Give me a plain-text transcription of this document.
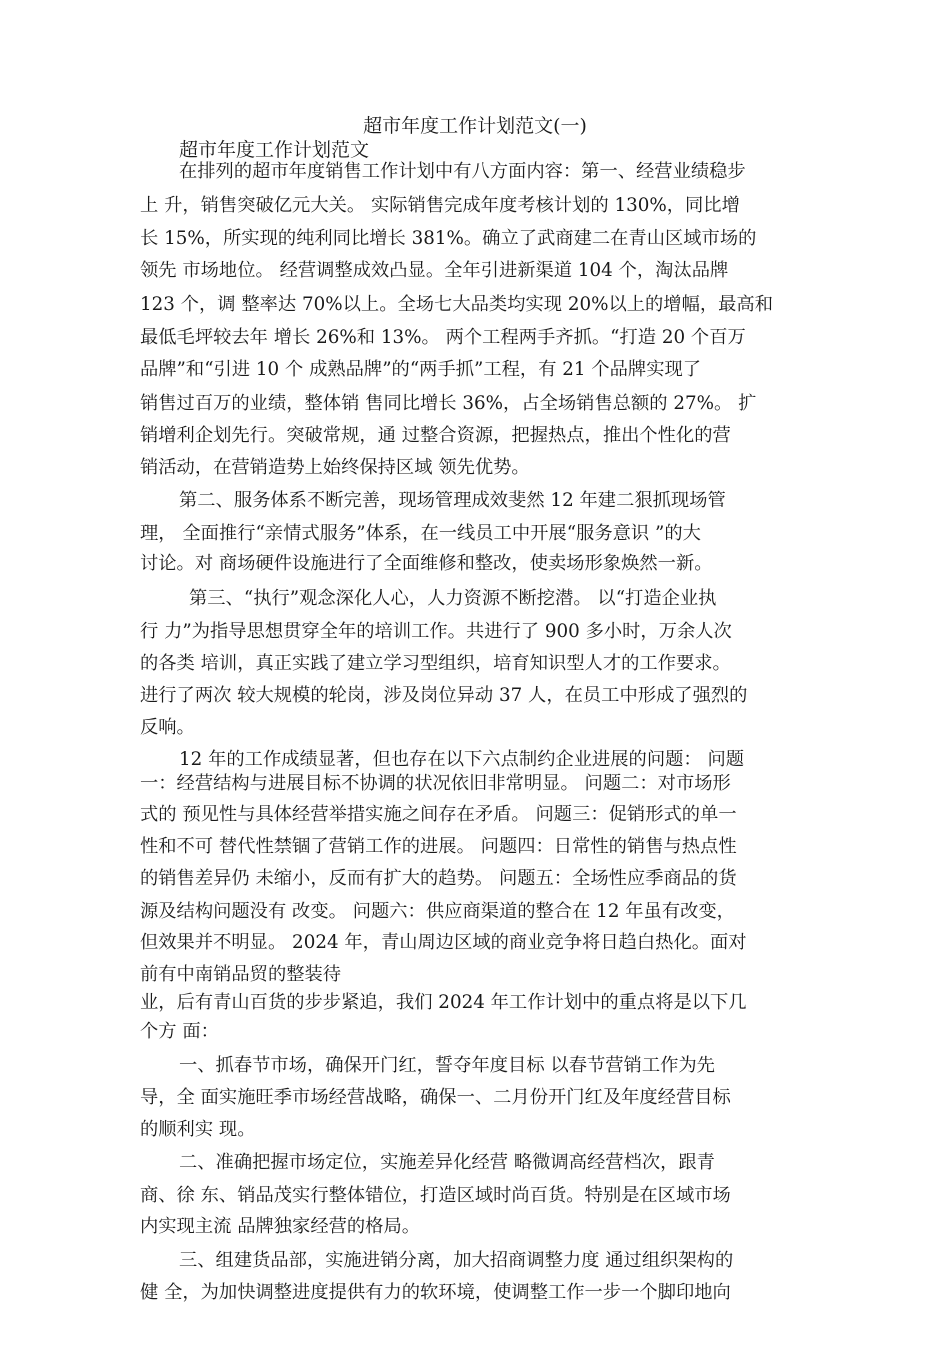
超市年度工作计划范文(一)
超市年度工作计划范文
在排列的超市年度销售工作计划中有八方面内容：第一、经营业绩稳步
上 升，销售突破亿元大关。 实际销售完成年度考核计划的 130%，同比增
长 15%，所实现的纯利同比增长 381%。确立了武商建二在青山区域市场的
领先 市场地位。 经营调整成效凸显。全年引进新渠道 104 个，淘汰品牌
123 个，调 整率达 70%以上。全场七大品类均实现 20%以上的增幅，最高和
最低毛坪较去年 增长 26%和 13%。 两个工程两手齐抓。“打造 20 个百万
品牌”和“引进 10 个 成熟品牌”的“两手抓”工程，有 21 个品牌实现了
销售过百万的业绩，整体销 售同比增长 36%，占全场销售总额的 27%。 扩
销增利企划先行。突破常规，通 过整合资源，把握热点，推出个性化的营
销活动，在营销造势上始终保持区域 领先优势。
第二、服务体系不断完善，现场管理成效斐然 12 年建二狠抓现场管
理， 全面推行“亲情式服务”体系，在一线员工中开展“服务意识 ”的大
讨论。对 商场硬件设施进行了全面维修和整改，使卖场形象焕然一新。
第三、“执行”观念深化人心，人力资源不断挖潜。 以“打造企业执
行 力”为指导思想贯穿全年的培训工作。共进行了 900 多小时，万余人次
的各类 培训，真正实践了建立学习型组织，培育知识型人才的工作要求。
进行了两次 较大规模的轮岗，涉及岗位异动 37 人，在员工中形成了强烈的
反响。
12 年的工作成绩显著，但也存在以下六点制约企业进展的问题： 问题
一：经营结构与进展目标不协调的状况依旧非常明显。 问题二：对市场形
式的 预见性与具体经营举措实施之间存在矛盾。 问题三：促销形式的单一
性和不可 替代性禁锢了营销工作的进展。 问题四：日常性的销售与热点性
的销售差异仍 未缩小，反而有扩大的趋势。 问题五：全场性应季商品的货
源及结构问题没有 改变。 问题六：供应商渠道的整合在 12 年虽有改变，
但效果并不明显。 2024 年，青山周边区域的商业竞争将日趋白热化。面对
前有中南销品贸的整装待
业，后有青山百货的步步紧追，我们 2024 年工作计划中的重点将是以下几
个方 面：
一、抓春节市场，确保开门红，誓夺年度目标 以春节营销工作为先
导，全 面实施旺季市场经营战略，确保一、二月份开门红及年度经营目标
的顺利实 现。
二、准确把握市场定位，实施差异化经营 略微调高经营档次，跟青
商、徐 东、销品茂实行整体错位，打造区域时尚百货。特别是在区域市场
内实现主流 品牌独家经营的格局。
三、组建货品部，实施进销分离，加大招商调整力度 通过组织架构的
健 全，为加快调整进度提供有力的软环境，使调整工作一步一个脚印地向
